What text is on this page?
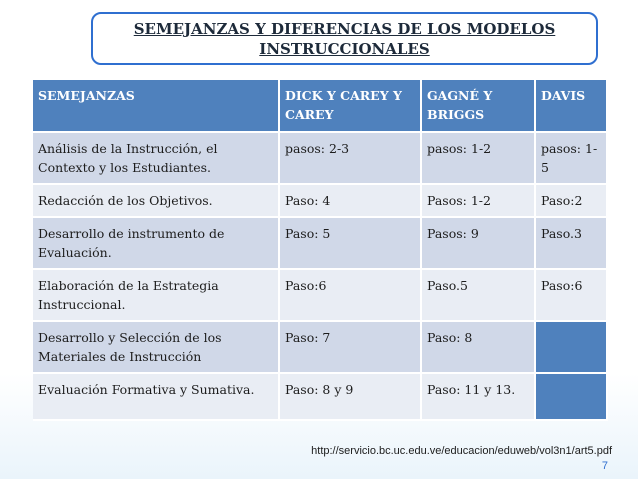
SEMEJANZAS Y DIFERENCIAS DE LOS MODELOS
INSTRUCCIONALES
SEMEJANZAS	DICK Y CAREY Y CAREY	GAGNÉ Y BRIGGS	DAVIS
Análisis de la Instrucción, el Contexto y los Estudiantes.	pasos: 2-3	pasos: 1-2	pasos: 1-5
Redacción de los Objetivos.	Paso: 4	Pasos: 1-2	Paso:2
Desarrollo de instrumento de Evaluación.	Paso: 5	Pasos: 9	Paso.3
Elaboración de la Estrategia Instruccional.	Paso:6	Paso.5	Paso:6
Desarrollo y Selección de los Materiales de Instrucción	Paso: 7	Paso: 8	
Evaluación Formativa y Sumativa.	Paso: 8 y 9	Paso: 11 y 13.	
http://servicio.bc.uc.edu.ve/educacion/eduweb/vol3n1/art5.pdf
7
